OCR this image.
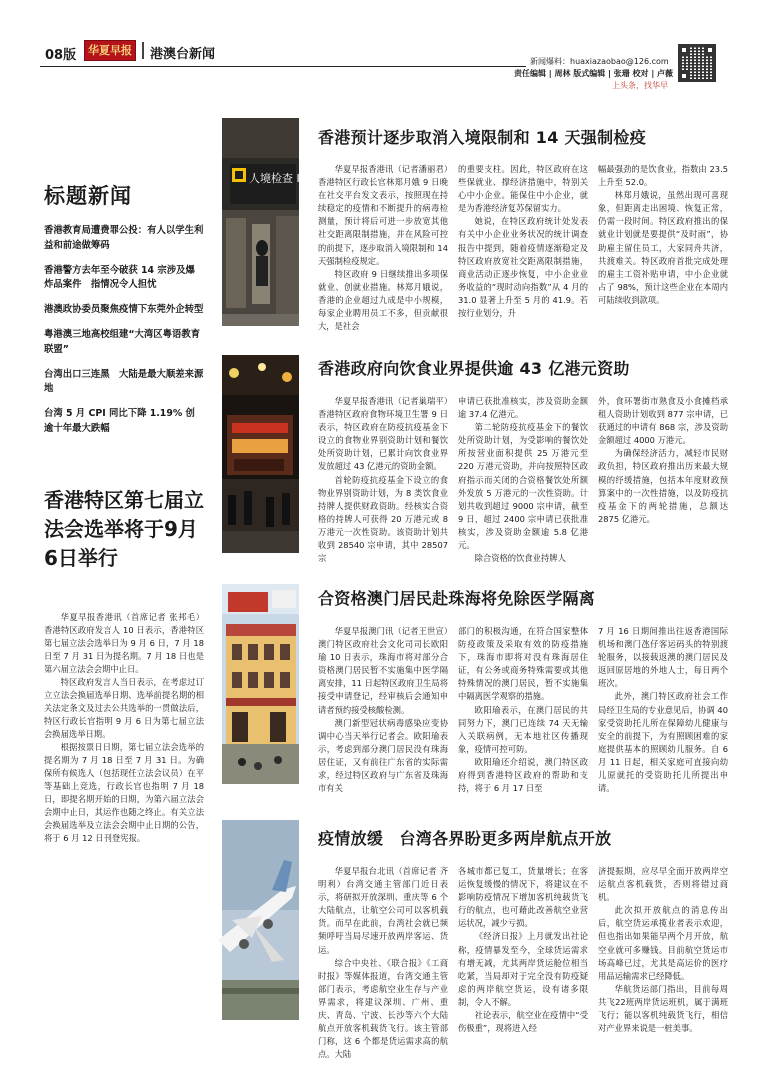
08版	华夏早报	港澳台新闻	新闻爆料：huaxiazaobao@126.com
责任编辑 | 周林 版式编辑 | 张珊 校对 | 卢薇
上头条，找华早
标题新闻
香港教育局遭费罪公投：有人以学生利益和前途做筹码
香港警方去年至今破获 14 宗涉及爆炸品案件　指情况令人担忧
港澳政协委员聚焦疫情下东莞外企转型
粤港澳三地高校组建“大湾区粤语教育联盟”
台湾出口三连黑　大陆是最大顺差来源地
台湾 5 月 CPI 同比下降 1.19% 创逾十年最大跌幅
香港特区第七届立法会选举将于9月6日举行

华夏早报香港讯（首席记者 张邦毛）香港特区政府发言人 10 日表示，香港特区第七届立法会选举日为 9 月 6 日，7 月 18 日至 7 月 31 日为提名期。7 月 18 日也是第六届立法会会期中止日。

特区政府发言人当日表示，在考虑过订立立法会换届选举日期、选举前提名期的相关法定条文及过去公共选举的一贯做法后，特区行政长官指明 9 月 6 日为第七届立法会换届选举日期。

根据按票日日期，第七届立法会选举的提名期为 7 月 18 日至 7 月 31 日。为确保所有候选人（包括现任立法会议员）在平等基础上竞选，行政长官也指明 7 月 18 日，即提名期开始的日期，为第六届立法会会期中止日，其运作也随之终止。有关立法会换届选举及立法会会期中止日期的公告，将于 6 月 12 日刊登宪报。

人境检查 Immigration
香港预计逐步取消入境限制和 14 天强制检疫

华夏早报香港讯（记者潘丽君）香港特区行政长官林郑月娥 9 日晚在社交平台发文表示，按照现在持续稳定的疫情和不断提升的病毒检测量，预计将后可进一步放宽其他社交距离限制措施，并在风险可控的前提下，逐步取消入境限制和 14 天强制检疫规定。

特区政府 9 日继续推出多项保就业、创就业措施。林郑月娥说，香港的企业超过九成是中小规模，每家企业聘用员工不多，但贡献很大，是社会

的重要支柱。因此，特区政府在这些保就业、撑经济措施中，特别关心中小企业。能保住中小企业，就是为香港经济复苏保留实力。

她说，在特区政府统计处发表有关中小企业业务状况的统计调查报告中提到，随着疫情逐渐稳定及特区政府放宽社交距离限制措施，商业活动正逐步恢复，中小企业业务收益的“现时动向指数”从 4 月的 31.0 显著上升至 5 月的 41.9。若按行业划分，升

幅最强劲的是饮食业，指数由 23.5 上升至 52.0。

林郑月娥说，虽然出现可喜现象，但距离走出困境、恢复正常，仍需一段时间。特区政府推出的保就业计划就是要提供“及时雨”，协助雇主留住员工，大家同舟共济，共渡难关。特区政府首批完成处理的雇主工资补贴申请，中小企业就占了 98%，预计这些企业在本周内可陆续收到款项。

香港政府向饮食业界提供逾 43 亿港元资助

华夏早报香港讯（记者巢瑞平）香港特区政府食物环境卫生署 9 日表示，特区政府在防疫抗疫基金下设立的食物业界别资助计划和餐饮处所资助计划，已累计向饮食业界发放超过 43 亿港元的资助金额。

首轮防疫抗疫基金下设立的食物业界别资助计划，为 8 类饮食业持牌人提供财政资助。经核实合资格的持牌人可获得 20 万港元或 8 万港元一次性资助。该资助计划共收到 28540 宗申请，其中 28507 宗

申请已获批准核实，涉及资助金额逾 37.4 亿港元。

第二轮防疫抗疫基金下的餐饮处所资助计划，为受影响的餐饮处所按营业面积提供 25 万港元至 220 万港元资助，并向按照特区政府指示而关闭的合资格餐饮处所额外发放 5 万港元的一次性资助。计划共收到超过 9000 宗申请，截至 9 日，超过 2400 宗申请已获批准核实，涉及资助金额逾 5.8 亿港元。

除合资格的饮食业持牌人

外，食环署街市熟食及小食摊档承租人资助计划收到 877 宗申请，已获通过的申请有 868 宗，涉及资助金额超过 4000 万港元。

为确保经济活力，减轻市民财政负担，特区政府推出历来最大规模的纾缓措施，包括本年度财政预算案中的一次性措施，以及防疫抗疫基金下的两轮措施，总额达 2875 亿港元。

合资格澳门居民赴珠海将免除医学隔离

华夏早报澳门讯（记者王世宣）澳门特区政府社会文化司司长欧阳瑜 10 日表示，珠海市将对部分合资格澳门居民暂不实施集中医学隔离安排，11 日起特区政府卫生局将接受申请登记，经审核后会通知申请者预约接受核酸检测。

澳门新型冠状病毒感染应变协调中心当天举行记者会。欧阳瑜表示，考虑到部分澳门居民没有珠海居住证，又有前往广东省的实际需求，经过特区政府与广东省及珠海市有关

部门的积极沟通，在符合国家整体防疫政策及采取有效的防疫措施下，珠海市即将对没有珠海居住证，有公务或商务特殊需要或其他特殊情况的澳门居民，暂不实施集中隔离医学观察的措施。

欧阳瑜表示，在澳门居民的共同努力下，澳门已连续 74 天无输入关联病例，无本地社区传播现象，疫情可控可防。

欧阳瑜还介绍说，澳门特区政府得到香港特区政府的帮助和支持，将于 6 月 17 日至

7 月 16 日期间推出往返香港国际机场和澳门氹仔客运码头的特别渡轮服务，以接载返澳的澳门居民及返回原居地的外地人士，每日两个班次。

此外，澳门特区政府社会工作局经卫生局的专业意见后，协调 40 家受资助托儿所在保障幼儿健康与安全的前提下，为有照顾困难的家庭提供基本的照顾幼儿服务。自 6 月 11 日起，相关家庭可直接向幼儿原就托的受资助托儿所提出申请。

疫情放缓　台湾各界盼更多两岸航点开放

华夏早报台北讯（首席记者 齐明利）台湾交通主管部门近日表示，将研拟开放深圳、重庆等 6 个大陆航点，让航空公司可以客机载货。而早在此前，台湾社会就已频频呼吁当局尽速开放两岸客运、货运。

综合中央社、《联合报》《工商时报》等媒体报道，台湾交通主管部门表示，考虑航空业生存与产业界需求，将建议深圳、广州、重庆、青岛、宁波、长沙等六个大陆航点开放客机载货飞行。该主管部门称，这 6 个都是货运需求高的航点。大陆

各城市都已复工，货量增长；在客运恢复缓慢的情况下，将建议在不影响防疫情况下增加客机纯载货飞行的航点，也可藉此改善航空业营运状况，减少亏损。

《经济日报》上月就发出社论称，疫情暴发至今，全球货运需求有增无减，尤其两岸货运舱位相当吃紧，当局却对于完全没有防疫疑虑的两岸航空货运，设有诸多限制，令人不解。

社论表示，航空业在疫情中“受伤极重”，现将进入经

济提振期，应尽早全面开放两岸空运航点客机载货，否则将错过商机。

此次拟开放航点的消息传出后，航空货运承揽业者表示欢迎，但也指出如果能早两个月开放，航空业就可多赚钱。目前航空货运市场高峰已过，尤其是高运价的医疗用品运输需求已经降低。

华航货运部门指出，目前每周共飞22班两岸货运班机，属于满班飞行；能以客机纯载货飞行，相信对产业界来说是一桩美事。
